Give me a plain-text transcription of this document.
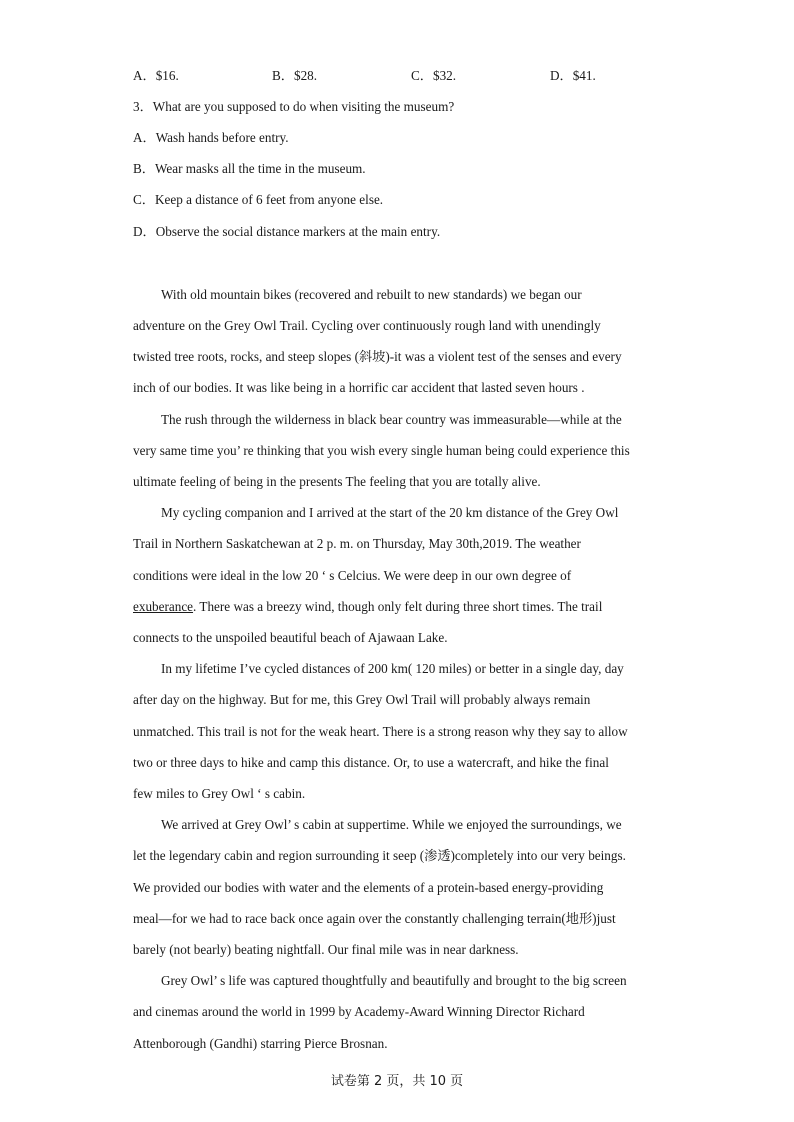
A．$16.	B．$28.	C．$32.	D．$41.
3．What are you supposed to do when visiting the museum?
A．Wash hands before entry.
B．Wear masks all the time in the museum.
C．Keep a distance of 6 feet from anyone else.
D．Observe the social distance markers at the main entry.
With old mountain bikes (recovered and rebuilt to new standards) we began our
adventure on the Grey Owl Trail. Cycling over continuously rough land with unendingly
twisted tree roots, rocks, and steep slopes (斜坡)-it was a violent test of the senses and every
inch of our bodies. It was like being in a horrific car accident that lasted seven hours .
The rush through the wilderness in black bear country was immeasurable—while at the
very same time you’ re thinking that you wish every single human being could experience this
ultimate feeling of being in the presents The feeling that you are totally alive.
My cycling companion and I arrived at the start of the 20 km distance of the Grey Owl
Trail in Northern Saskatchewan at 2 p. m. on Thursday, May 30th,2019. The weather
conditions were ideal in the low 20 ‘ s Celcius. We were deep in our own degree of
exuberance. There was a breezy wind, though only felt during three short times. The trail
connects to the unspoiled beautiful beach of Ajawaan Lake.
In my lifetime I’ve cycled distances of 200 km( 120 miles) or better in a single day, day
after day on the highway. But for me, this Grey Owl Trail will probably always remain
unmatched. This trail is not for the weak heart. There is a strong reason why they say to allow
two or three days to hike and camp this distance. Or, to use a watercraft, and hike the final
few miles to Grey Owl ‘ s cabin.
We arrived at Grey Owl’ s cabin at suppertime. While we enjoyed the surroundings, we
let the legendary cabin and region surrounding it seep (渗透)completely into our very beings.
We provided our bodies with water and the elements of a protein-based energy-providing
meal—for we had to race back once again over the constantly challenging terrain(地形)just
barely (not bearly) beating nightfall. Our final mile was in near darkness.
Grey Owl’ s life was captured thoughtfully and beautifully and brought to the big screen
and cinemas around the world in 1999 by Academy-Award Winning Director Richard
Attenborough (Gandhi) starring Pierce Brosnan.
试卷第 2 页，共 10 页
